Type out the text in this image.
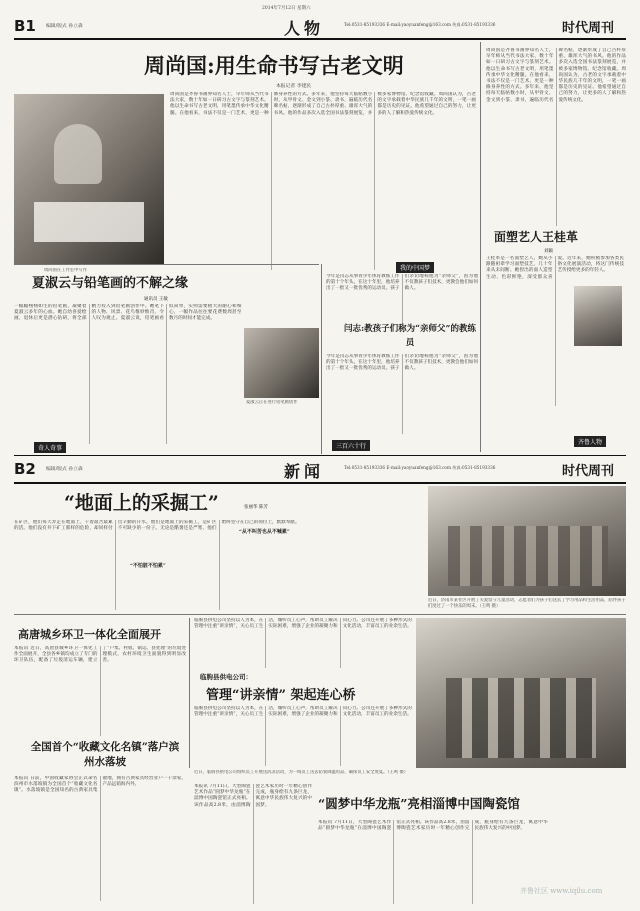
2014年7月12日 星期六
B1 编辑/版式 孙立森	人物	Tel:0531-85193336 E-mail:yaoyuanfeng@163.com 传真:0531-85193336	时代周刊
周尚国:用生命书写古老文明
本报记者 李建民
周尚国在工作室中写作
周尚国是齐鲁书画界知名人士，早年师从当代书法大家，数十年如一日研习古文字与篆刻艺术。他以生命书写古老文明，用笔墨传承中华文化精髓。在他看来，书法不仅是一门艺术，更是一种修身养性的方式。多年来，他坚持每天临帖数小时，从甲骨文、金文到小篆、隶书，遍临历代名碑名帖，逐渐形成了自己古朴厚重、雄浑大气的书风。他的作品多次入选全国书法篆刻展览，并被多家博物馆、纪念馆收藏。周尚国认为，古老的文字承载着中华民族几千年的文明，一笔一画都是历史的见证。他希望通过自己的努力，让更多的人了解和热爱传统文化。
周尚国是齐鲁书画界知名人士，早年师从当代书法大家，数十年如一日研习古文字与篆刻艺术。他以生命书写古老文明，用笔墨传承中华文化精髓。在他看来，书法不仅是一门艺术，更是一种修身养性的方式。多年来，他坚持每天临帖数小时，从甲骨文、金文到小篆、隶书，遍临历代名碑名帖，逐渐形成了自己古朴厚重、雄浑大气的书风。他的作品多次入选全国书法篆刻展览，并被多家博物馆、纪念馆收藏。周尚国认为，古老的文字承载着中华民族几千年的文明，一笔一画都是历史的见证。他希望通过自己的努力，让更多的人了解和热爱传统文化。
面塑艺人王桂革
刘颖
王桂革是一名面塑艺人，她从小跟随祖辈学习面塑技艺，几十年来从未间断。她捏出的面人造型生动、色彩鲜艳，深受群众喜爱。近年来，她积极参加各类民俗文化展演活动，将这门传统技艺传授给更多的年轻人。
齐鲁人物
夏淑云与铅笔画的不解之缘
通讯员 王敏
一幅幅栩栩如生的铅笔画，凝聚着夏淑云多年的心血。她自幼喜爱绘画，退休后更是潜心钻研，将全部精力投入到铅笔画创作中。她笔下的人物、风景、花鸟惟妙惟肖，令人叹为观止。夏淑云说，铅笔画看似简单，实则需要极大的耐心和细心，一幅作品往往要花费数周甚至数月的时间才能完成。
夏淑云正在进行铅笔画创作
奇人奇事
我的中国梦
今年是闫志从事青少年体育教练工作的第十个年头，在这十年里，他培养出了一批又一批优秀的运动员。孩子们亲切地称他为“亲师父”，因为他不仅教孩子们技术，更教会他们如何做人。
闫志:教孩子们称为“亲师父”的教练员
今年是闫志从事青少年体育教练工作的第十个年头，在这十年里，他培养出了一批又一批优秀的运动员。孩子们亲切地称他为“亲师父”，因为他不仅教孩子们技术，更教会他们如何做人。
三百六十行
B2 编辑/版式 孙立森	新闻	Tel:0531-85193336 E-mail:yaoyuanfeng@163.com 传真:0531-85193336	时代周刊
“地面上的采掘工”	张丽华 陈芳
在矿区，他们每天奔走在地面上，干着最苦最累的活。他们没有井下矿工那样的危险，却同样付出辛勤的汗水。他们是地面上的采掘工，是矿区不可缺少的一份子。无论是酷暑还是严寒，他们始终坚守在自己的岗位上，默默奉献。
“不怕脏不怕累”
“从不叫苦也从不喊累”
近日，济南市某社区开展了关爱留守儿童活动，志愿者们为孩子们送去了学习用品和生活用品，陪伴孩子们度过了一个快乐的周末。（王鸣 摄）
高唐城乡环卫一体化全面展开
本报讯 近日，高唐县城乡环卫一体化工作全面展开，全县各乡镇均成立了专门的环卫队伍，配备了垃圾清运车辆，建立了“户集、村收、镇运、县处理”的垃圾处理模式，农村环境卫生面貌得到明显改善。
全国首个“收藏文化名镇”落户滨州水落坡
本报讯 日前，中国收藏家协会正式命名滨州市水落坡镇为全国首个“收藏文化名镇”。水落坡镇是全国知名的古典家具集散地，拥有古典家具经营业户一千余家，产品远销海内外。
临朐县供电公司坚持以人为本，在管理中注重“讲亲情”，关心员工生活，倾听员工心声，帮助员工解决实际困难，增强了企业的凝聚力和向心力。公司还开展了多种形式的文化活动，丰富员工的业余生活。
临朐县供电公司：
管理“讲亲情” 架起连心桥
临朐县供电公司坚持以人为本，在管理中注重“讲亲情”，关心员工生活，倾听员工心声，帮助员工解决实际困难，增强了企业的凝聚力和向心力。公司还开展了多种形式的文化活动，丰富员工的业余生活。
近日，临朐县供电公司组织员工开展送清凉活动，为一线员工送去防暑降温用品，确保员工安全度夏。（王鸣 摄）
本报讯 7月11日，大型陶瓷艺术作品“圆梦中华龙瓶”在淄博中国陶瓷馆正式亮相。该作品高2.8米，由淄博陶瓷艺术家历时一年精心创作完成，瓶身绘有九条巨龙，寓意中华民族伟大复兴的中国梦。	“圆梦中华龙瓶”亮相淄博中国陶瓷馆
本报讯 7月11日，大型陶瓷艺术作品“圆梦中华龙瓶”在淄博中国陶瓷馆正式亮相。该作品高2.8米，由淄博陶瓷艺术家历时一年精心创作完成，瓶身绘有九条巨龙，寓意中华民族伟大复兴的中国梦。
齐鲁社区 www.iqilu.com
